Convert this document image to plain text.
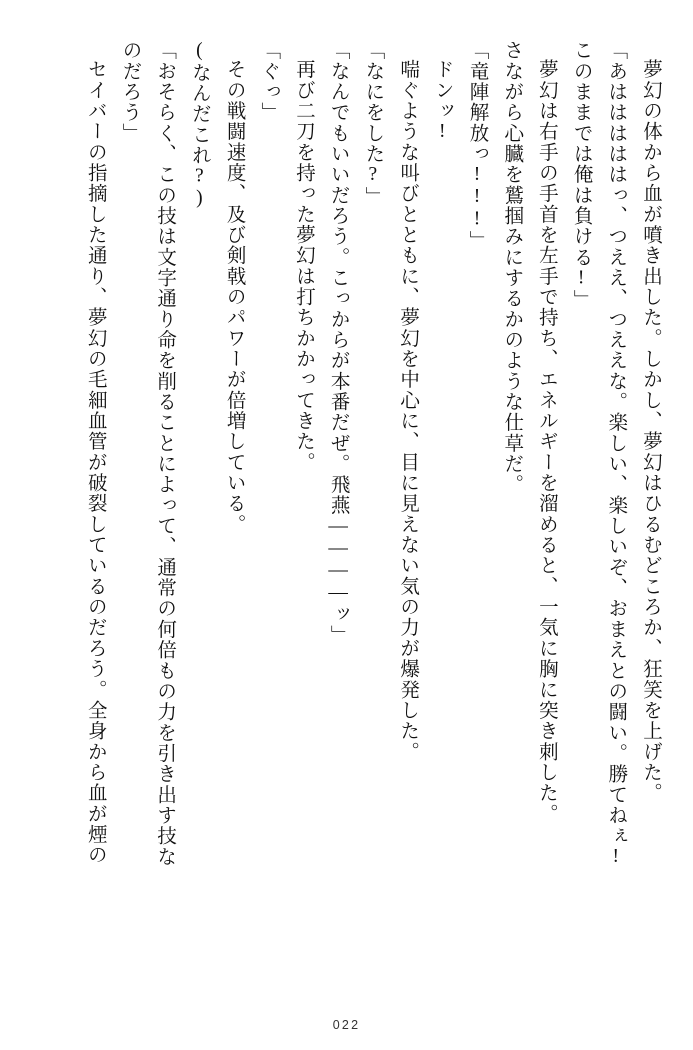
夢幻の体から血が噴き出した。しかし、夢幻はひるむどころか、狂笑を上げた。

「あはははははっ、つええ、つええな。楽しい、楽しいぞ、おまえとの闘い。勝てねぇ!

このままでは俺は負ける!」

夢幻は右手の手首を左手で持ち、エネルギーを溜めると、一気に胸に突き刺した。

さながら心臓を鷲掴みにするかのような仕草だ。

「竜陣解放っ!!!」

ドンッ!

喘ぐような叫びとともに、夢幻を中心に、目に見えない気の力が爆発した。

「なにをした?」

「なんでもいいだろう。こっからが本番だぜ。飛燕————ッ」

再び二刀を持った夢幻は打ちかかってきた。

「ぐっ」

その戦闘速度、及び剣戟のパワーが倍増している。

(なんだこれ?)

「おそらく、この技は文字通り命を削ることによって、通常の何倍もの力を引き出す技な

のだろう」

セイバーの指摘した通り、夢幻の毛細血管が破裂しているのだろう。全身から血が煙の

022
